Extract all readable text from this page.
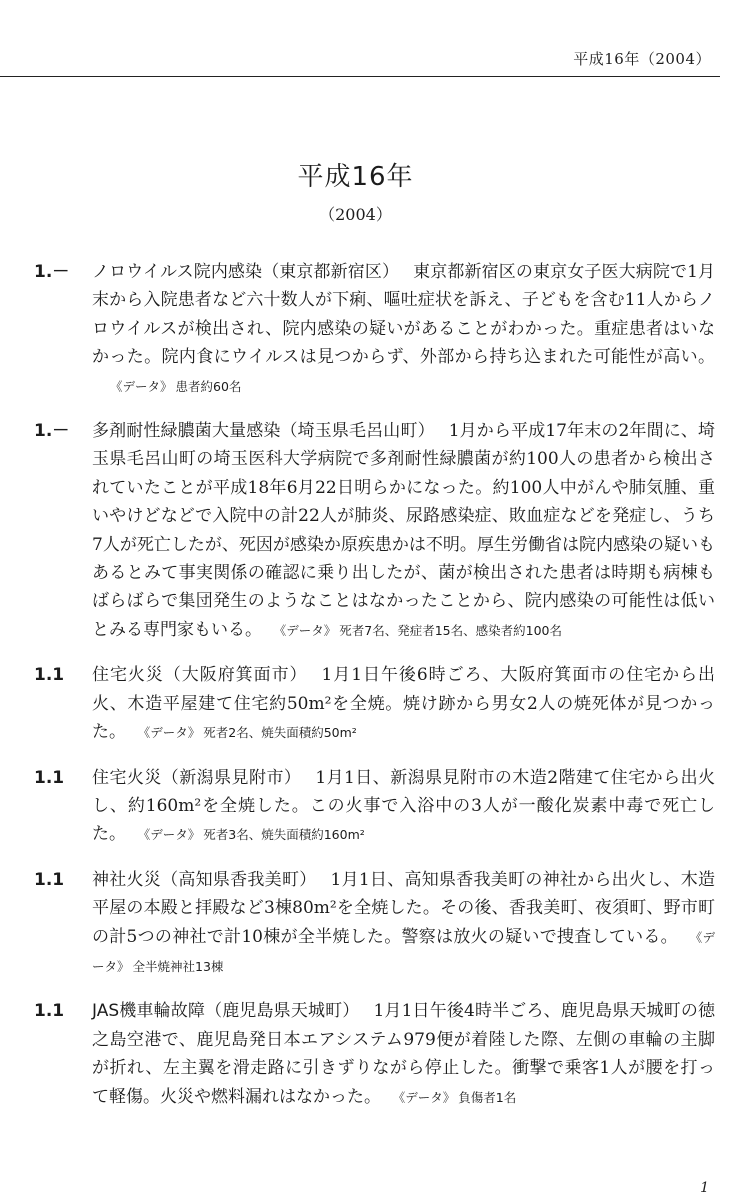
平成16年（2004）
平成16年
（2004）
1.－	ノロウイルス院内感染（東京都新宿区） 東京都新宿区の東京女子医大病院で1月末から入院患者など六十数人が下痢、嘔吐症状を訴え、子どもを含む11人からノロウイルスが検出され、院内感染の疑いがあることがわかった。重症患者はいなかった。院内食にウイルスは見つからず、外部から持ち込まれた可能性が高い。《データ》 患者約60名
1.－	多剤耐性緑膿菌大量感染（埼玉県毛呂山町） 1月から平成17年末の2年間に、埼玉県毛呂山町の埼玉医科大学病院で多剤耐性緑膿菌が約100人の患者から検出されていたことが平成18年6月22日明らかになった。約100人中がんや肺気腫、重いやけどなどで入院中の計22人が肺炎、尿路感染症、敗血症などを発症し、うち7人が死亡したが、死因が感染か原疾患かは不明。厚生労働省は院内感染の疑いもあるとみて事実関係の確認に乗り出したが、菌が検出された患者は時期も病棟もばらばらで集団発生のようなことはなかったことから、院内感染の可能性は低いとみる専門家もいる。 《データ》 死者7名、発症者15名、感染者約100名
1.1	住宅火災（大阪府箕面市） 1月1日午後6時ごろ、大阪府箕面市の住宅から出火、木造平屋建て住宅約50m²を全焼。焼け跡から男女2人の焼死体が見つかった。 《データ》 死者2名、焼失面積約50m²
1.1	住宅火災（新潟県見附市） 1月1日、新潟県見附市の木造2階建て住宅から出火し、約160m²を全焼した。この火事で入浴中の3人が一酸化炭素中毒で死亡した。 《データ》 死者3名、焼失面積約160m²
1.1	神社火災（高知県香我美町） 1月1日、高知県香我美町の神社から出火し、木造平屋の本殿と拝殿など3棟80m²を全焼した。その後、香我美町、夜須町、野市町の計5つの神社で計10棟が全半焼した。警察は放火の疑いで捜査している。 《データ》 全半焼神社13棟
1.1	JAS機車輪故障（鹿児島県天城町） 1月1日午後4時半ごろ、鹿児島県天城町の徳之島空港で、鹿児島発日本エアシステム979便が着陸した際、左側の車輪の主脚が折れ、左主翼を滑走路に引きずりながら停止した。衝撃で乗客1人が腰を打って軽傷。火災や燃料漏れはなかった。 《データ》 負傷者1名
1
